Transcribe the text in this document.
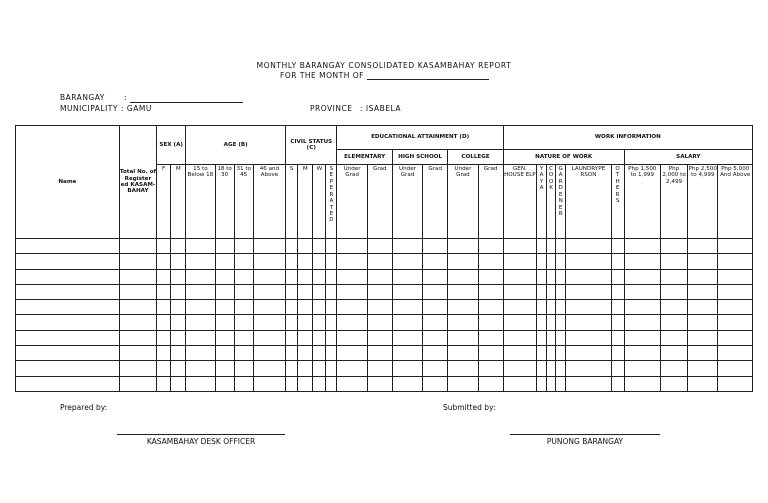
MONTHLY BARANGAY CONSOLIDATED KASAMBAHAY REPORT
FOR THE MONTH OF
BARANGAY	:
MUNICIPALITY : GAMU	PROVINCE : ISABELA
Name	Total No. of Register ed KASAM-BAHAY	SEX (A)		AGE (B)				CIVIL STATUS (C)				EDUCATIONAL ATTAINMENT (D)						WORK INFORMATION									
												ELEMENTARY		HIGH SCHOOL		COLLEGE		NATURE OF WORK						SALARY			
		F	M	15 to Below 18	18 to 30	31 to 45	46 and Above	S	M	W	SEPERATED	Under Grad	Grad	Under Grad	Grad	Under Grad	Grad	GEN. HOUSE ELP	YAYA	COOK	GARDENER	LAUNDRYPERSON	OTHERS	Php 1,500 to 1,999	Php 2,000 to 2,499	Php 2,500 to 4,999	Php 5,000 And Above

Prepared by:	Submitted by:
KASAMBAHAY DESK OFFICER	PUNONG BARANGAY
